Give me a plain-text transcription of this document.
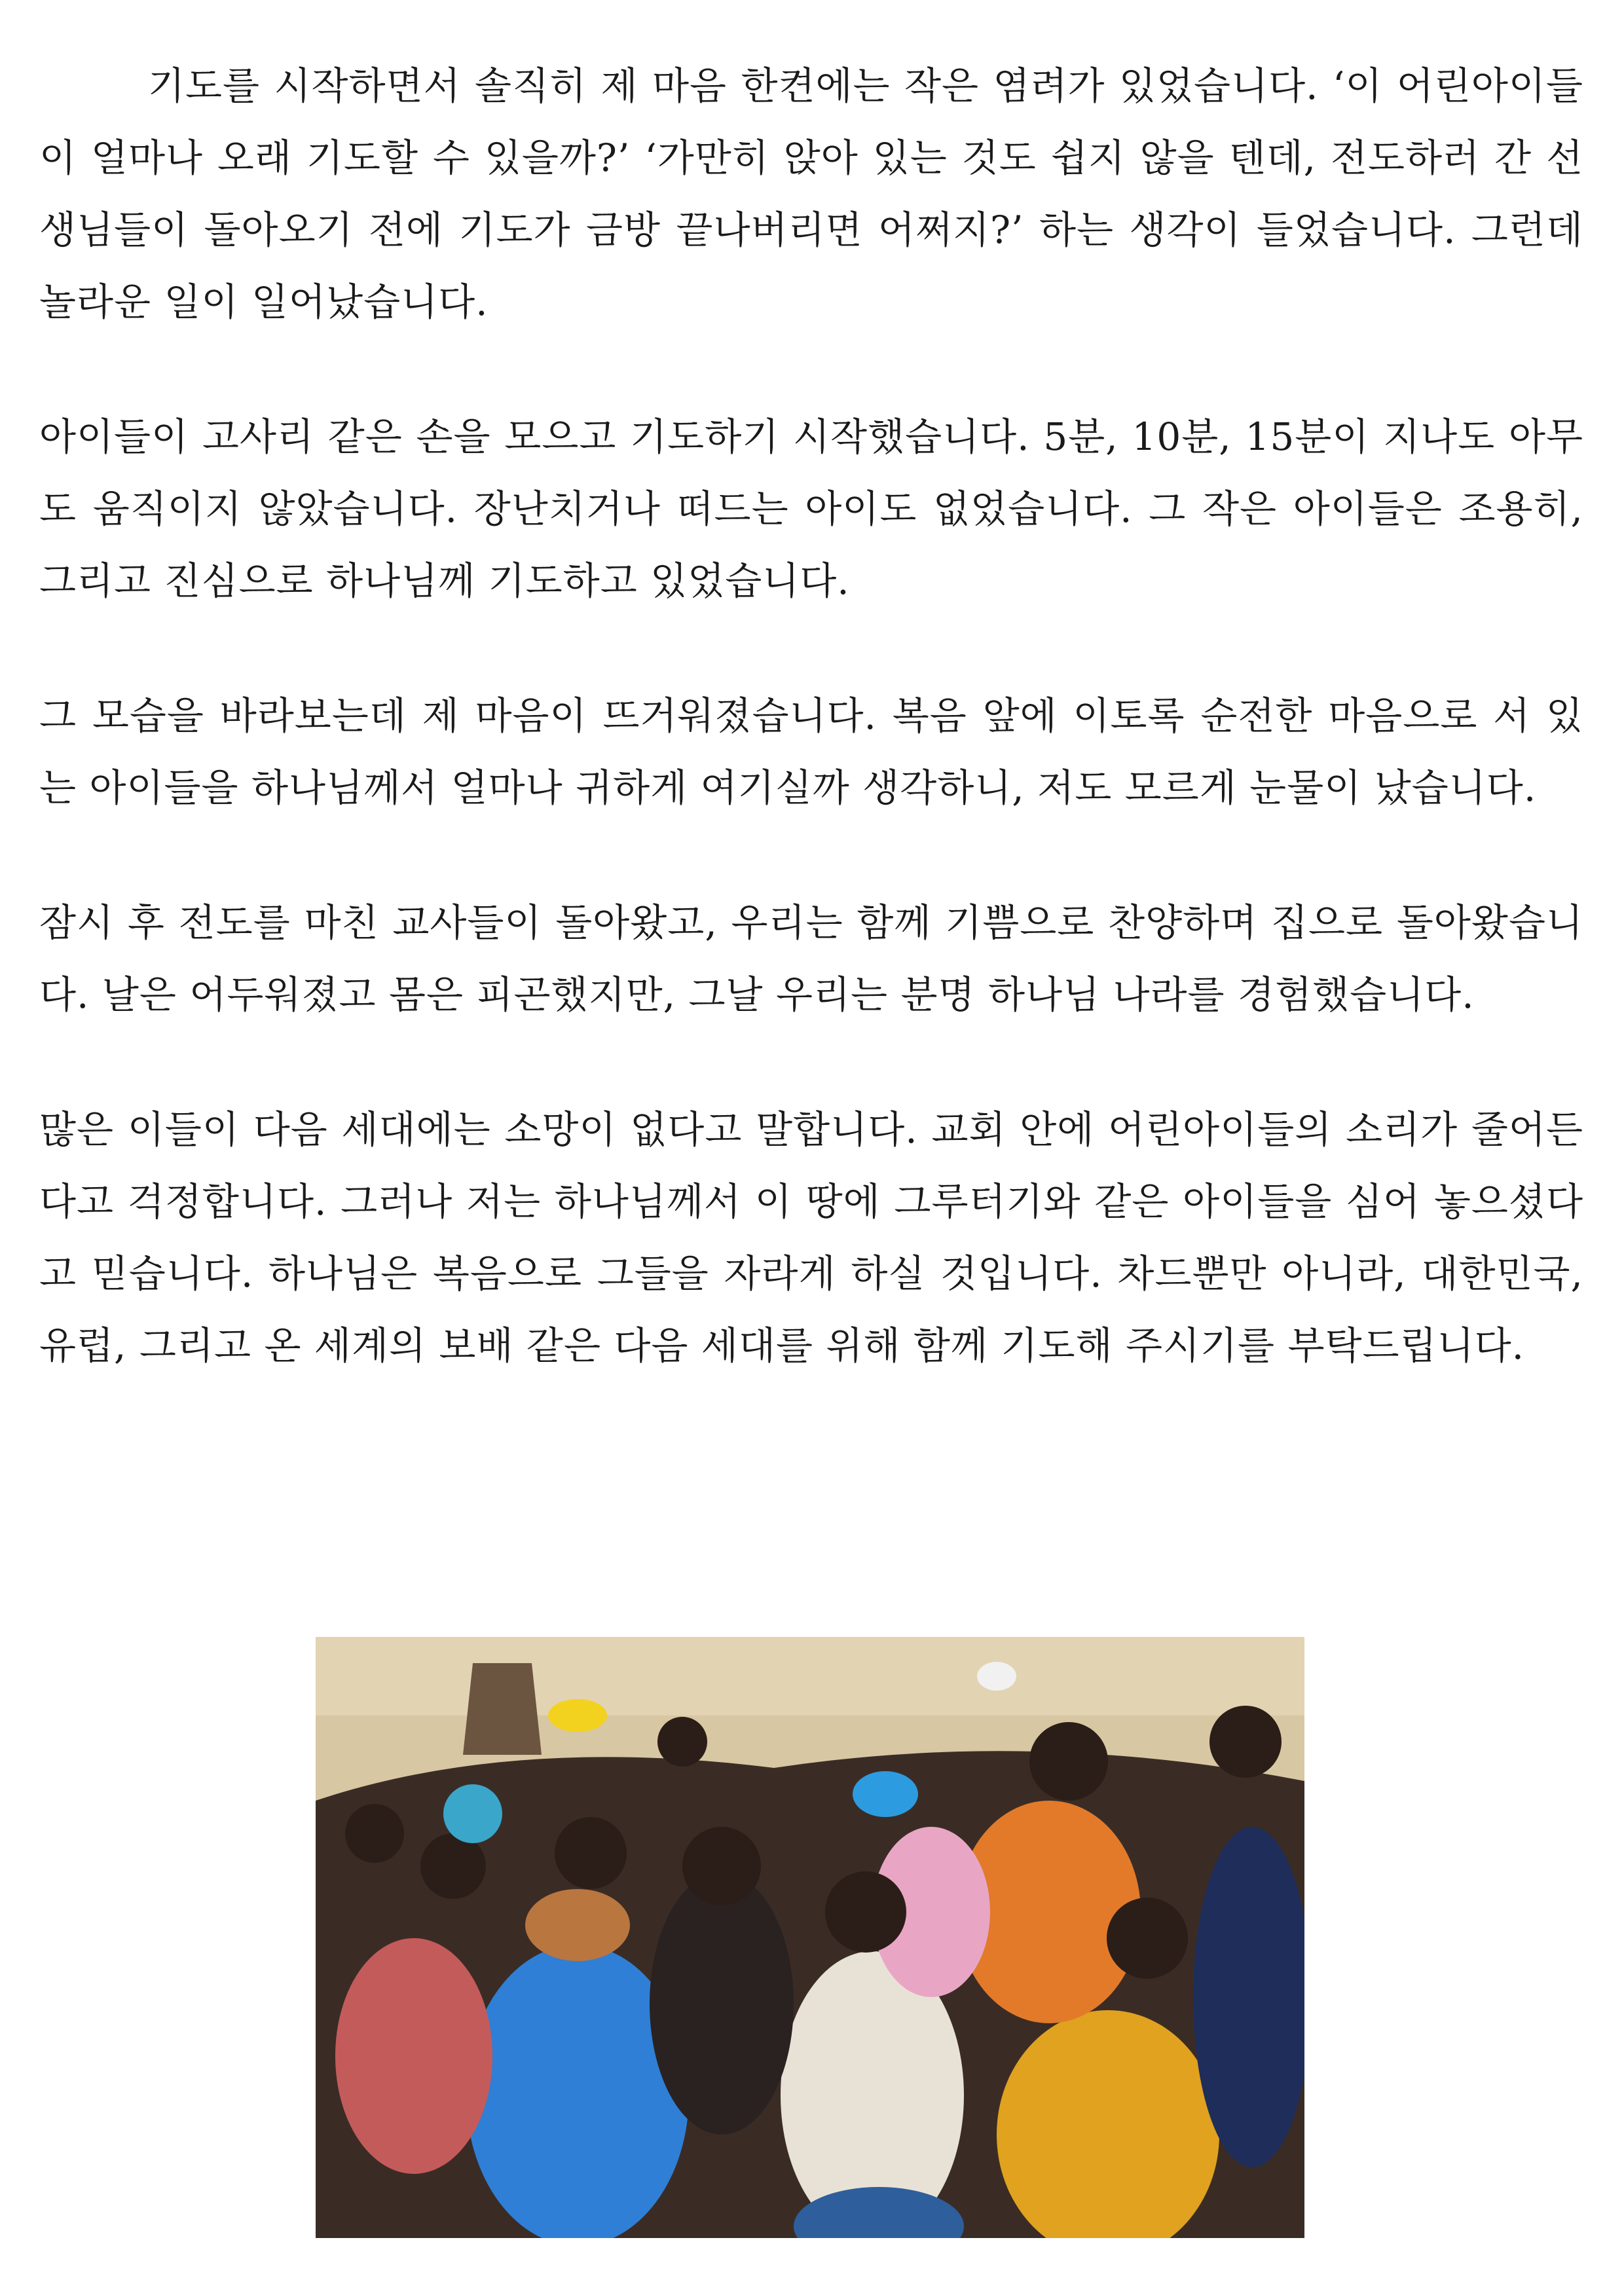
기도를 시작하면서 솔직히 제 마음 한켠에는 작은 염려가 있었습니다. ‘이 어린아이들이 얼마나 오래 기도할 수 있을까?’ ‘가만히 앉아 있는 것도 쉽지 않을 텐데, 전도하러 간 선생님들이 돌아오기 전에 기도가 금방 끝나버리면 어쩌지?’ 하는 생각이 들었습니다. 그런데 놀라운 일이 일어났습니다.

아이들이 고사리 같은 손을 모으고 기도하기 시작했습니다. 5분, 10분, 15분이 지나도 아무도 움직이지 않았습니다. 장난치거나 떠드는 아이도 없었습니다. 그 작은 아이들은 조용히, 그리고 진심으로 하나님께 기도하고 있었습니다.

그 모습을 바라보는데 제 마음이 뜨거워졌습니다. 복음 앞에 이토록 순전한 마음으로 서 있는 아이들을 하나님께서 얼마나 귀하게 여기실까 생각하니, 저도 모르게 눈물이 났습니다.

잠시 후 전도를 마친 교사들이 돌아왔고, 우리는 함께 기쁨으로 찬양하며 집으로 돌아왔습니다. 날은 어두워졌고 몸은 피곤했지만, 그날 우리는 분명 하나님 나라를 경험했습니다.

많은 이들이 다음 세대에는 소망이 없다고 말합니다. 교회 안에 어린아이들의 소리가 줄어든다고 걱정합니다. 그러나 저는 하나님께서 이 땅에 그루터기와 같은 아이들을 심어 놓으셨다고 믿습니다. 하나님은 복음으로 그들을 자라게 하실 것입니다. 차드뿐만 아니라, 대한민국, 유럽, 그리고 온 세계의 보배 같은 다음 세대를 위해 함께 기도해 주시기를 부탁드립니다.
